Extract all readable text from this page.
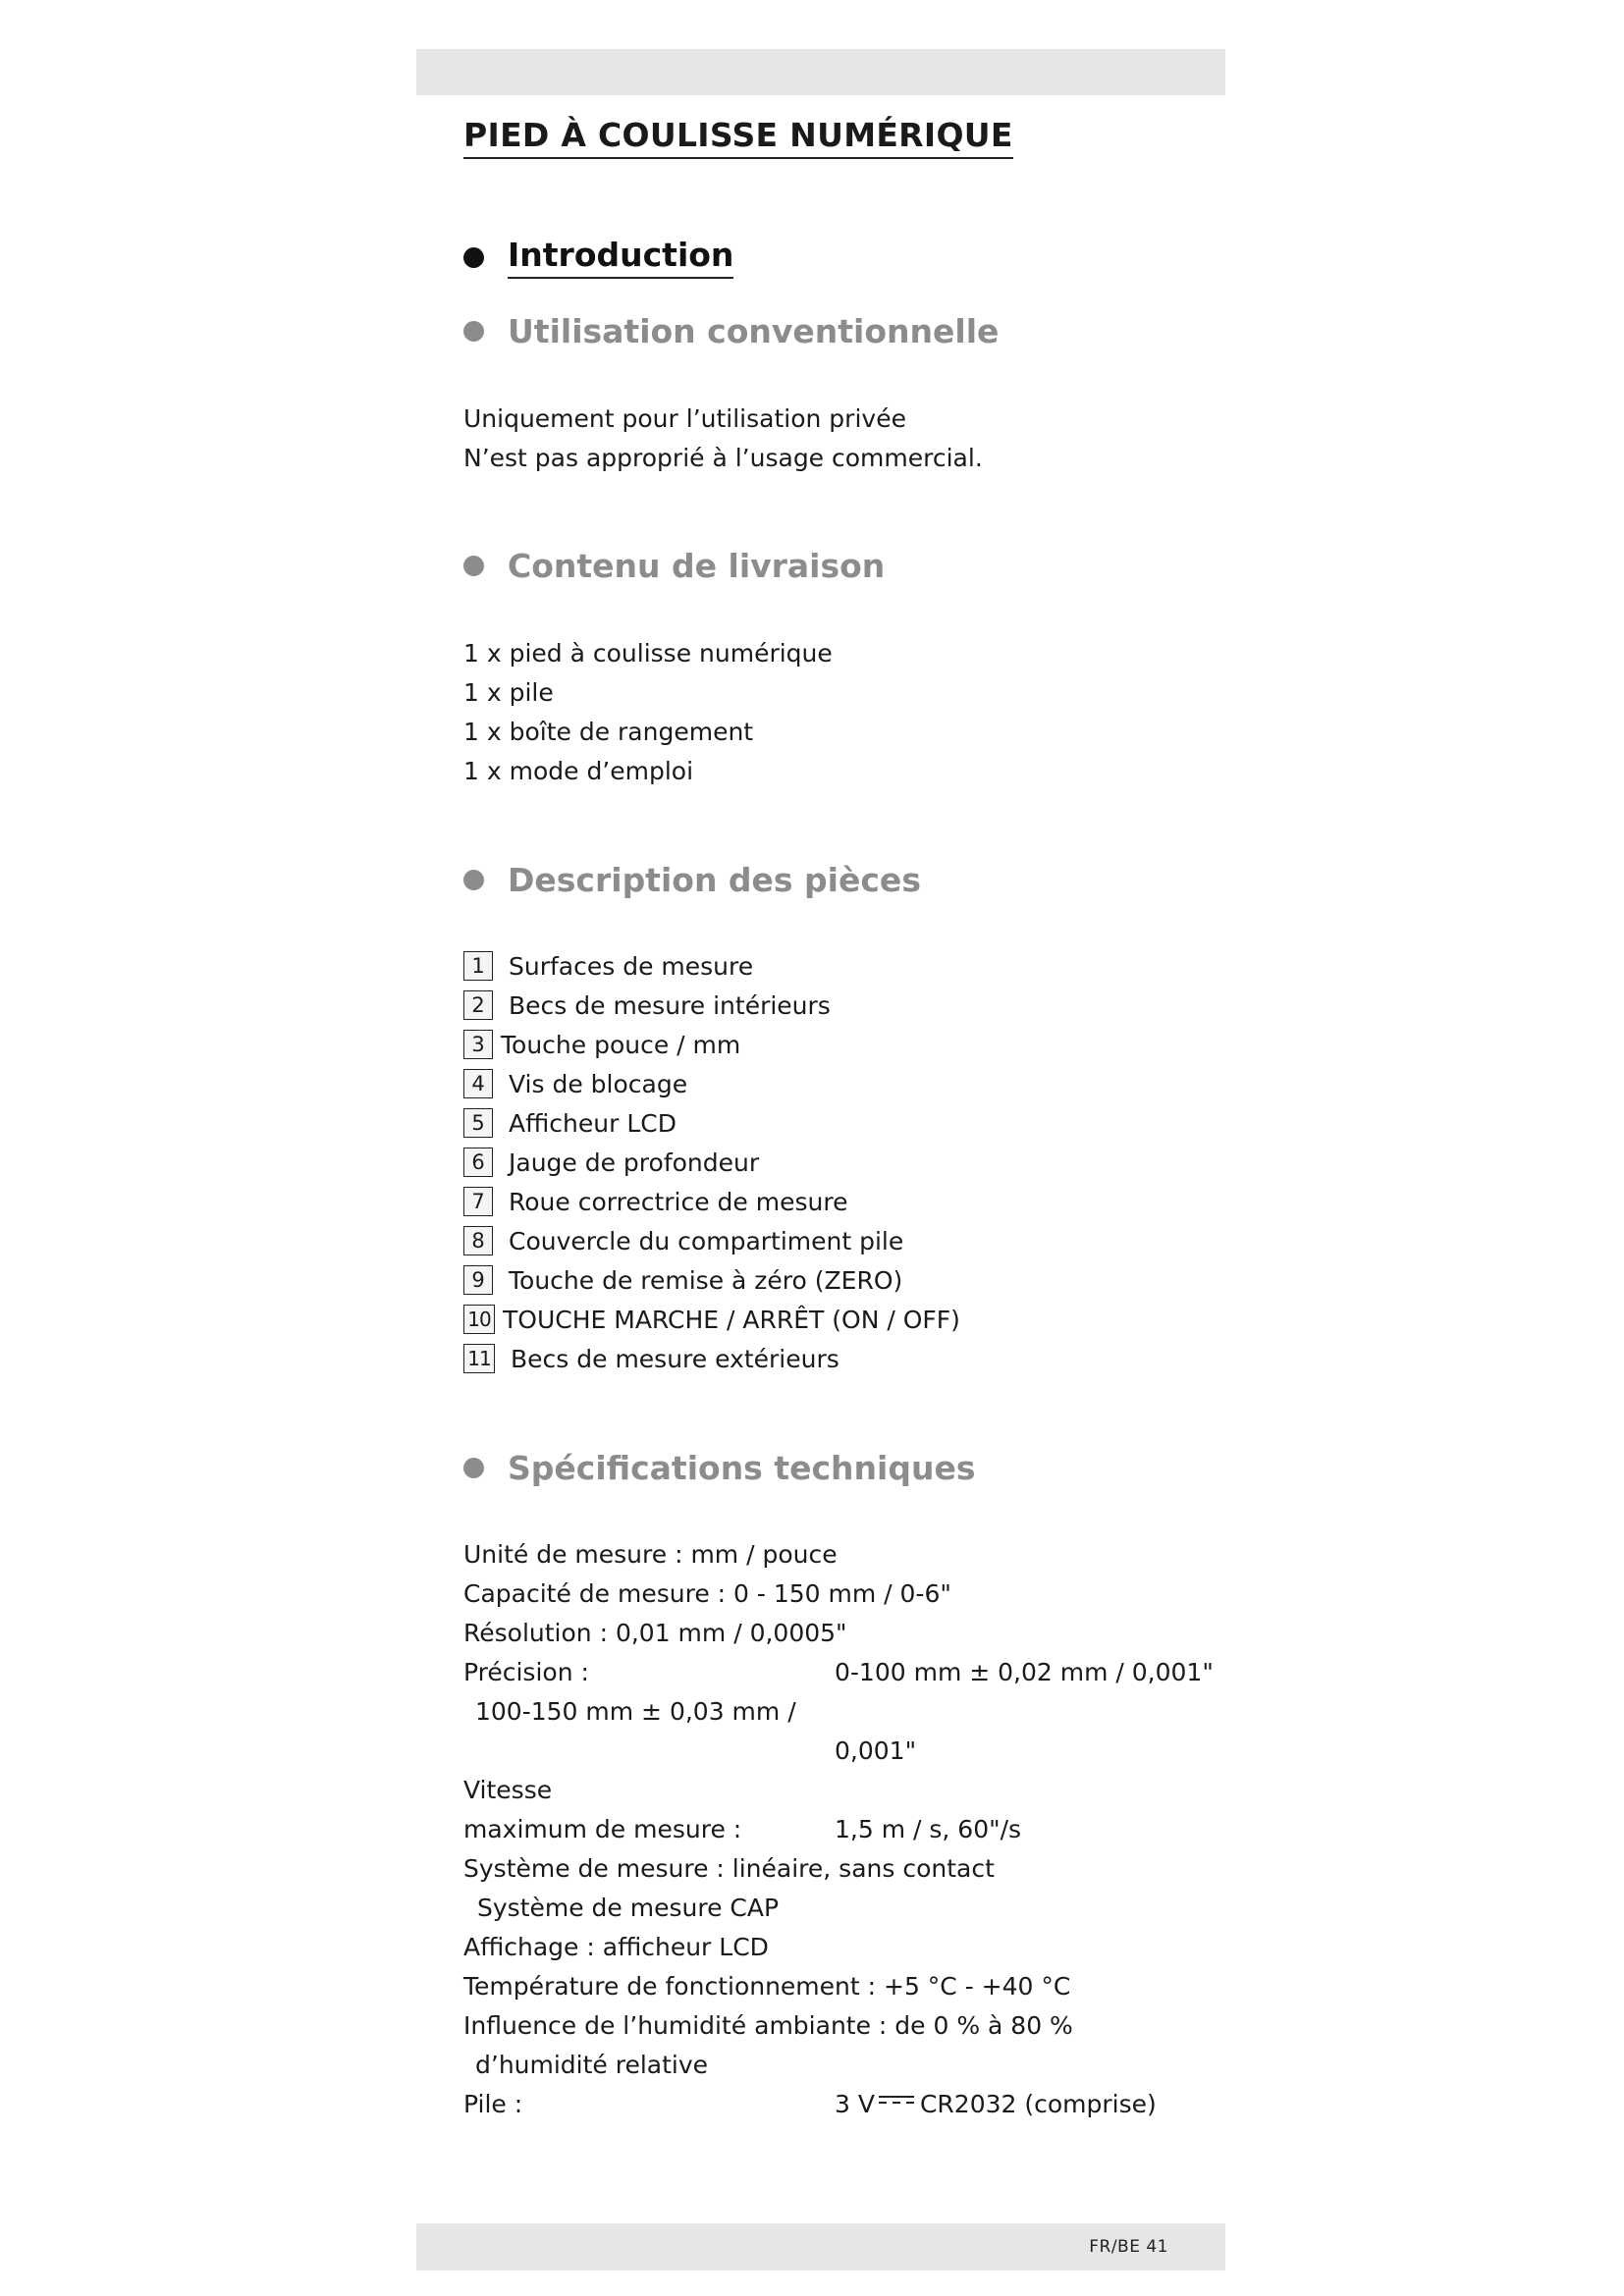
PIED À COULISSE NUMÉRIQUE
Introduction
Utilisation conventionnelle
Uniquement pour l’utilisation privée
N’est pas approprié à l’usage commercial.
Contenu de livraison
1 x pied à coulisse numérique
1 x pile
1 x boîte de rangement
1 x mode d’emploi
Description des pièces
1 Surfaces de mesure
2 Becs de mesure intérieurs
3 Touche pouce / mm
4 Vis de blocage
5 Afficheur LCD
6 Jauge de profondeur
7 Roue correctrice de mesure
8 Couvercle du compartiment pile
9 Touche de remise à zéro (ZERO)
10 TOUCHE MARCHE / ARRÊT (ON / OFF)
11 Becs de mesure extérieurs
Spécifications techniques
Unité de mesure : mm / pouce
Capacité de mesure : 0 - 150 mm / 0-6"
Résolution : 0,01 mm / 0,0005"
Précision :	0-100 mm ± 0,02 mm / 0,001"
100-150 mm ± 0,03 mm /
0,001"
Vitesse
maximum de mesure :	1,5 m / s, 60"/s
Système de mesure : linéaire, sans contact
Système de mesure CAP
Affichage : afficheur LCD
Température de fonctionnement : +5 °C - +40 °C
Influence de l’humidité ambiante : de 0 % à 80 %
d’humidité relative
Pile :	3 V CR2032 (comprise)
FR/BE 41
